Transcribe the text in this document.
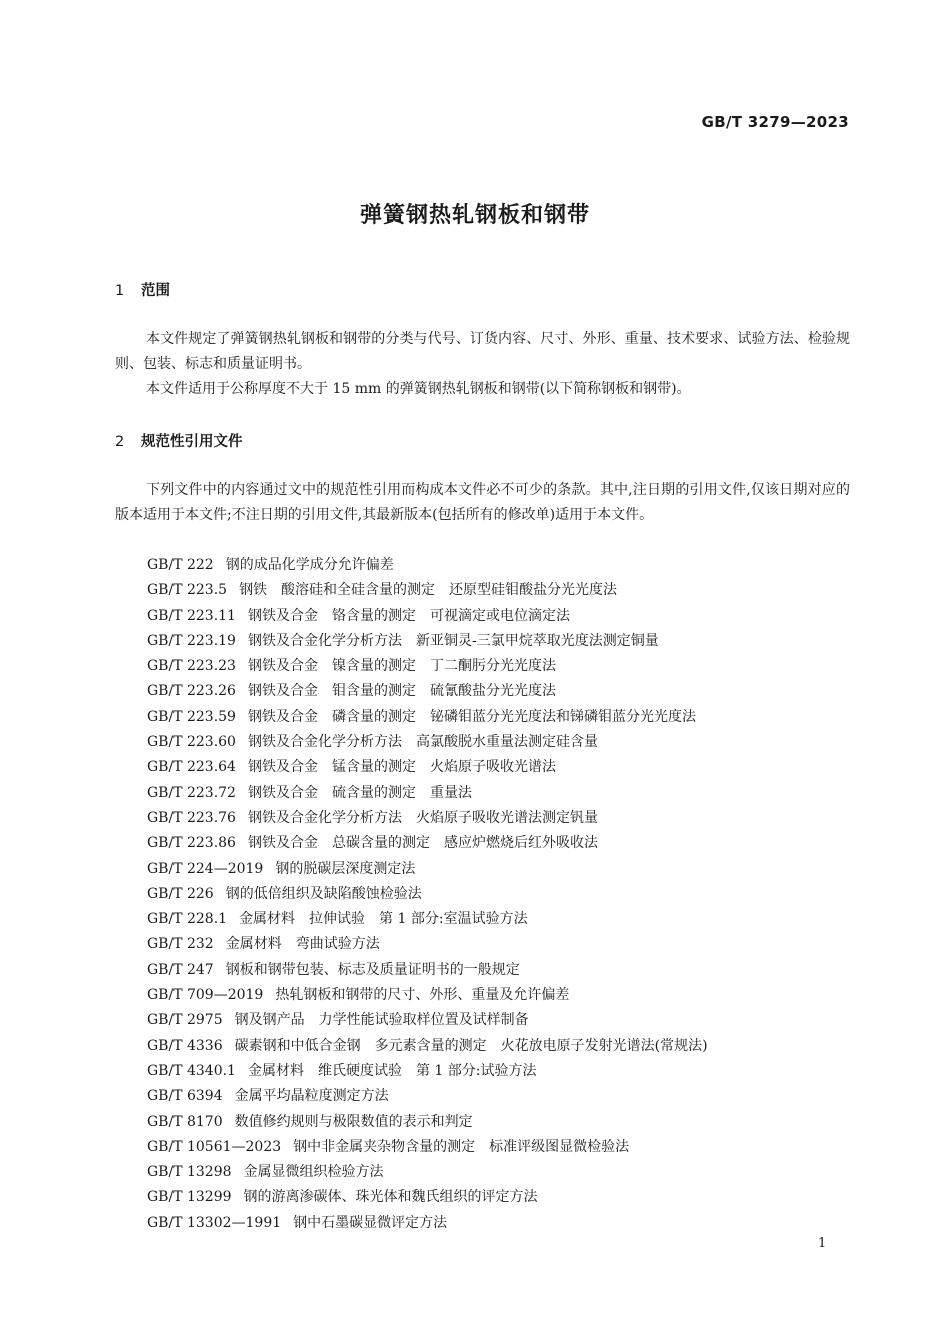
GB/T 3279—2023
弹簧钢热轧钢板和钢带
1 范围

本文件规定了弹簧钢热轧钢板和钢带的分类与代号、订货内容、尺寸、外形、重量、技术要求、试验方法、检验规则、包装、标志和质量证明书。

本文件适用于公称厚度不大于 15 mm 的弹簧钢热轧钢板和钢带(以下简称钢板和钢带)。

2 规范性引用文件

下列文件中的内容通过文中的规范性引用而构成本文件必不可少的条款。其中,注日期的引用文件,仅该日期对应的版本适用于本文件;不注日期的引用文件,其最新版本(包括所有的修改单)适用于本文件。

GB/T 222 钢的成品化学成分允许偏差
GB/T 223.5 钢铁　酸溶硅和全硅含量的测定　还原型硅钼酸盐分光光度法
GB/T 223.11 钢铁及合金　铬含量的测定　可视滴定或电位滴定法
GB/T 223.19 钢铁及合金化学分析方法　新亚铜灵-三氯甲烷萃取光度法测定铜量
GB/T 223.23 钢铁及合金　镍含量的测定　丁二酮肟分光光度法
GB/T 223.26 钢铁及合金　钼含量的测定　硫氰酸盐分光光度法
GB/T 223.59 钢铁及合金　磷含量的测定　铋磷钼蓝分光光度法和锑磷钼蓝分光光度法
GB/T 223.60 钢铁及合金化学分析方法　高氯酸脱水重量法测定硅含量
GB/T 223.64 钢铁及合金　锰含量的测定　火焰原子吸收光谱法
GB/T 223.72 钢铁及合金　硫含量的测定　重量法
GB/T 223.76 钢铁及合金化学分析方法　火焰原子吸收光谱法测定钒量
GB/T 223.86 钢铁及合金　总碳含量的测定　感应炉燃烧后红外吸收法
GB/T 224—2019 钢的脱碳层深度测定法
GB/T 226 钢的低倍组织及缺陷酸蚀检验法
GB/T 228.1 金属材料　拉伸试验　第 1 部分:室温试验方法
GB/T 232 金属材料　弯曲试验方法
GB/T 247 钢板和钢带包装、标志及质量证明书的一般规定
GB/T 709—2019 热轧钢板和钢带的尺寸、外形、重量及允许偏差
GB/T 2975 钢及钢产品　力学性能试验取样位置及试样制备
GB/T 4336 碳素钢和中低合金钢　多元素含量的测定　火花放电原子发射光谱法(常规法)
GB/T 4340.1 金属材料　维氏硬度试验　第 1 部分:试验方法
GB/T 6394 金属平均晶粒度测定方法
GB/T 8170 数值修约规则与极限数值的表示和判定
GB/T 10561—2023 钢中非金属夹杂物含量的测定　标准评级图显微检验法
GB/T 13298 金属显微组织检验方法
GB/T 13299 钢的游离渗碳体、珠光体和魏氏组织的评定方法
GB/T 13302—1991 钢中石墨碳显微评定方法
1
